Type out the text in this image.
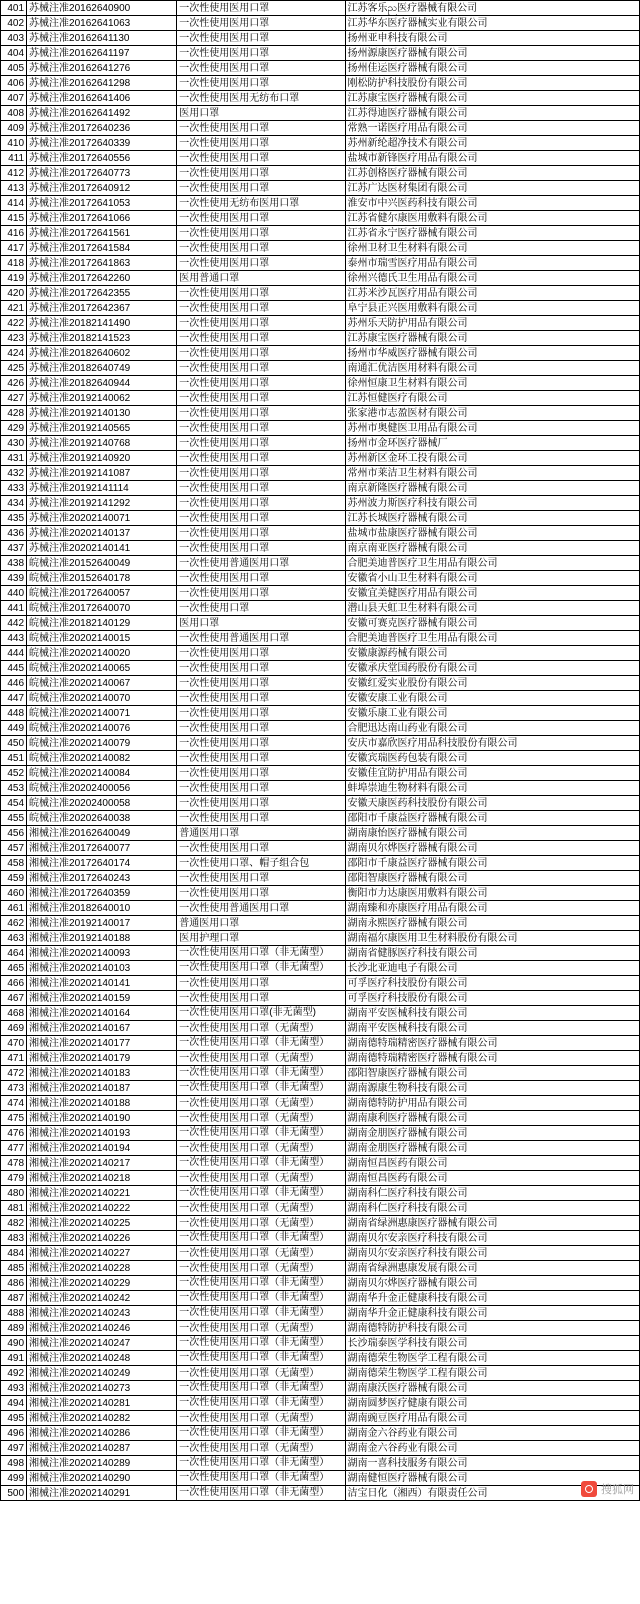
401	苏械注准20162640900	一次性使用医用口罩	江苏客乐ည医疗器械有限公司
402	苏械注准20162641063	一次性使用医用口罩	江苏华东医疗器械实业有限公司
403	苏械注准20162641130	一次性使用医用口罩	扬州亚申科技有限公司
404	苏械注准20162641197	一次性使用医用口罩	扬州源康医疗器械有限公司
405	苏械注准20162641276	一次性使用医用口罩	扬州佳运医疗器械有限公司
406	苏械注准20162641298	一次性使用医用口罩	刚松防护科技股份有限公司
407	苏械注准20162641406	一次性使用医用无纺布口罩	江苏康宝医疗器械有限公司
408	苏械注准20162641492	医用口罩	江苏得迪医疗器械有限公司
409	苏械注准20172640236	一次性使用医用口罩	常熟一诺医疗用品有限公司
410	苏械注准20172640339	一次性使用医用口罩	苏州新纶超净技术有限公司
411	苏械注准20172640556	一次性使用医用口罩	盐城市新锋医疗用品有限公司
412	苏械注准20172640773	一次性使用医用口罩	江苏创格医疗器械有限公司
413	苏械注准20172640912	一次性使用医用口罩	江苏广达医材集团有限公司
414	苏械注准20172641053	一次性使用无纺布医用口罩	淮安市中兴医药科技有限公司
415	苏械注准20172641066	一次性使用医用口罩	江苏省健尔康医用敷料有限公司
416	苏械注准20172641561	一次性使用医用口罩	江苏省永宁医疗器械有限公司
417	苏械注准20172641584	一次性使用医用口罩	徐州卫材卫生材料有限公司
418	苏械注准20172641863	一次性使用医用口罩	泰州市瑞雪医疗用品有限公司
419	苏械注准20172642260	医用普通口罩	徐州兴德氏卫生用品有限公司
420	苏械注准20172642355	一次性使用医用口罩	江苏米沙瓦医疗用品有限公司
421	苏械注准20172642367	一次性使用医用口罩	阜宁县正兴医用敷料有限公司
422	苏械注准20182141490	一次性使用医用口罩	苏州乐天防护用品有限公司
423	苏械注准20182141523	一次性使用医用口罩	江苏康宝医疗器械有限公司
424	苏械注准20182640602	一次性使用医用口罩	扬州市华威医疗器械有限公司
425	苏械注准20182640749	一次性使用医用口罩	南通汇优洁医用材料有限公司
426	苏械注准20182640944	一次性使用医用口罩	徐州恒康卫生材料有限公司
427	苏械注准20192140062	一次性使用医用口罩	江苏恒健医疗有限公司
428	苏械注准20192140130	一次性使用医用口罩	张家港市志盈医材有限公司
429	苏械注准20192140565	一次性使用医用口罩	苏州市奥健医卫用品有限公司
430	苏械注准20192140768	一次性使用医用口罩	扬州市金环医疗器械厂
431	苏械注准20192140920	一次性使用医用口罩	苏州新区金环工投有限公司
432	苏械注准20192141087	一次性使用医用口罩	常州市莱洁卫生材料有限公司
433	苏械注准20192141114	一次性使用医用口罩	南京新隆医疗器械有限公司
434	苏械注准20192141292	一次性使用医用口罩	苏州波力斯医疗科技有限公司
435	苏械注准20202140071	一次性使用医用口罩	江苏长城医疗器械有限公司
436	苏械注准20202140137	一次性使用医用口罩	盐城市盐康医疗器械有限公司
437	苏械注准20202140141	一次性使用医用口罩	南京南亚医疗器械有限公司
438	皖械注准20152640049	一次性使用普通医用口罩	合肥美迪普医疗卫生用品有限公司
439	皖械注准20152640178	一次性使用医用口罩	安徽省小山卫生材料有限公司
440	皖械注准20172640057	一次性使用医用口罩	安徽宜美健医疗用品有限公司
441	皖械注准20172640070	一次性使用口罩	潜山县天虹卫生材料有限公司
442	皖械注准20182140129	医用口罩	安徽可赛克医疗器械有限公司
443	皖械注准20202140015	一次性使用普通医用口罩	合肥美迪普医疗卫生用品有限公司
444	皖械注准20202140020	一次性使用医用口罩	安徽康源药械有限公司
445	皖械注准20202140065	一次性使用医用口罩	安徽承庆堂国药股份有限公司
446	皖械注准20202140067	一次性使用医用口罩	安徽红爱实业股份有限公司
447	皖械注准20202140070	一次性使用医用口罩	安徽安康工业有限公司
448	皖械注准20202140071	一次性使用医用口罩	安徽乐康工业有限公司
449	皖械注准20202140076	一次性使用医用口罩	合肥迅达南山药业有限公司
450	皖械注准20202140079	一次性使用医用口罩	安庆市嘉欣医疗用品科技股份有限公司
451	皖械注准20202140082	一次性使用医用口罩	安徽宾瑞医药包装有限公司
452	皖械注准20202140084	一次性使用医用口罩	安徽佳宜防护用品有限公司
453	皖械注准20202400056	一次性使用医用口罩	蚌埠崇迪生物材料有限公司
454	皖械注准20202400058	一次性使用医用口罩	安徽天康医药科技股份有限公司
455	皖械注准20202640038	一次性使用医用口罩	邵阳市千康益医疗器械有限公司
456	湘械注准20162640049	普通医用口罩	湖南康怡医疗器械有限公司
457	湘械注准20172640077	一次性使用医用口罩	湖南贝尔烨医疗器械有限公司
458	湘械注准20172640174	一次性使用口罩、帽子组合包	邵阳市千康益医疗器械有限公司
459	湘械注准20172640243	一次性使用医用口罩	邵阳智康医疗器械有限公司
460	湘械注准20172640359	一次性使用医用口罩	衡阳市力达康医用敷料有限公司
461	湘械注准20182640010	一次性使用普通医用口罩	湖南臻和亦康医疗用品有限公司
462	湘械注准20192140017	普通医用口罩	湖南永熙医疗器械有限公司
463	湘械注准20192140188	医用护理口罩	湖南福尔康医用卫生材料股份有限公司
464	湘械注准20202140093	一次性使用医用口罩（非无菌型）	湖南省健豚医疗科技有限公司
465	湘械注准20202140103	一次性使用医用口罩（非无菌型）	长沙北亚迪电子有限公司
466	湘械注准20202140141	一次性使用医用口罩	可孚医疗科技股份有限公司
467	湘械注准20202140159	一次性使用医用口罩	可孚医疗科技股份有限公司
468	湘械注准20202140164	一次性使用医用口罩(非无菌型)	湖南平安医械科技有限公司
469	湘械注准20202140167	一次性使用医用口罩（无菌型）	湖南平安医械科技有限公司
470	湘械注准20202140177	一次性使用医用口罩（非无菌型）	湖南德特瑞精密医疗器械有限公司
471	湘械注准20202140179	一次性使用医用口罩（无菌型）	湖南德特瑞精密医疗器械有限公司
472	湘械注准20202140183	一次性使用医用口罩（非无菌型）	邵阳智康医疗器械有限公司
473	湘械注准20202140187	一次性使用医用口罩（非无菌型）	湖南源康生物科技有限公司
474	湘械注准20202140188	一次性使用医用口罩（无菌型）	湖南德特防护用品有限公司
475	湘械注准20202140190	一次性使用医用口罩（无菌型）	湖南康利医疗器械有限公司
476	湘械注准20202140193	一次性使用医用口罩（非无菌型）	湖南金朋医疗器械有限公司
477	湘械注准20202140194	一次性使用医用口罩（无菌型）	湖南金朋医疗器械有限公司
478	湘械注准20202140217	一次性使用医用口罩（非无菌型）	湖南恒昌医药有限公司
479	湘械注准20202140218	一次性使用医用口罩（无菌型）	湖南恒昌医药有限公司
480	湘械注准20202140221	一次性使用医用口罩（非无菌型）	湖南科仁医疗科技有限公司
481	湘械注准20202140222	一次性使用医用口罩（无菌型）	湖南科仁医疗科技有限公司
482	湘械注准20202140225	一次性使用医用口罩（无菌型）	湖南省绿洲惠康医疗器械有限公司
483	湘械注准20202140226	一次性使用医用口罩（非无菌型）	湖南贝尔安亲医疗科技有限公司
484	湘械注准20202140227	一次性使用医用口罩（无菌型）	湖南贝尔安亲医疗科技有限公司
485	湘械注准20202140228	一次性使用医用口罩（无菌型）	湖南省绿洲惠康发展有限公司
486	湘械注准20202140229	一次性使用医用口罩（非无菌型）	湖南贝尔烨医疗器械有限公司
487	湘械注准20202140242	一次性使用医用口罩（非无菌型）	湖南华升金正健康科技有限公司
488	湘械注准20202140243	一次性使用医用口罩（非无菌型）	湖南华升金正健康科技有限公司
489	湘械注准20202140246	一次性使用医用口罩（无菌型）	湖南德特防护科技有限公司
490	湘械注准20202140247	一次性使用医用口罩（非无菌型）	长沙瑞泰医学科技有限公司
491	湘械注准20202140248	一次性使用医用口罩（非无菌型）	湖南德荣生物医学工程有限公司
492	湘械注准20202140249	一次性使用医用口罩（无菌型）	湖南德荣生物医学工程有限公司
493	湘械注准20202140273	一次性使用医用口罩（非无菌型）	湖南康沃医疗器械有限公司
494	湘械注准20202140281	一次性使用医用口罩（非无菌型）	湖南圆梦医疗健康有限公司
495	湘械注准20202140282	一次性使用医用口罩（无菌型）	湖南豌豆医疗用品有限公司
496	湘械注准20202140286	一次性使用医用口罩（非无菌型）	湖南金六谷药业有限公司
497	湘械注准20202140287	一次性使用医用口罩（无菌型）	湖南金六谷药业有限公司
498	湘械注准20202140289	一次性使用医用口罩（非无菌型）	湖南一喜科技服务有限公司
499	湘械注准20202140290	一次性使用医用口罩（非无菌型）	湖南健恒医疗器械有限公司
500	湘械注准20202140291	一次性使用医用口罩（非无菌型）	洁宝日化（湘西）有限责任公司	搜狐网
